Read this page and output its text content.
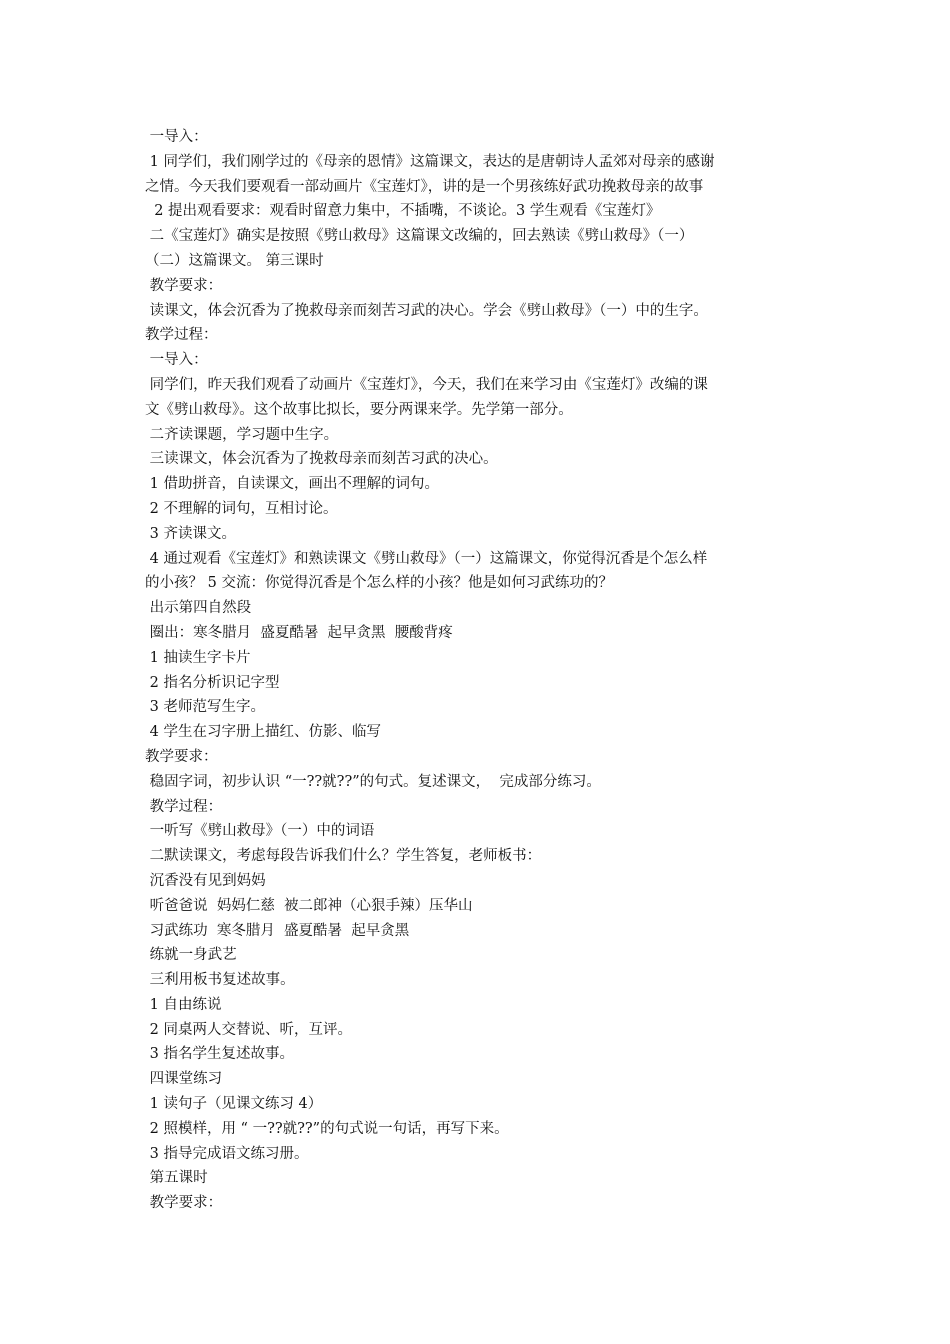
一导入：
1 同学们，我们刚学过的《母亲的恩情》这篇课文，表达的是唐朝诗人孟郊对母亲的感谢
之情。今天我们要观看一部动画片《宝莲灯》，讲的是一个男孩练好武功挽救母亲的故事
2 提出观看要求：观看时留意力集中，不插嘴，不谈论。3 学生观看《宝莲灯》
二《宝莲灯》确实是按照《劈山救母》这篇课文改编的，回去熟读《劈山救母》（一）
（二）这篇课文。 第三课时
教学要求：
读课文，体会沉香为了挽救母亲而刻苦习武的决心。学会《劈山救母》（一）中的生字。
教学过程：
一导入：
同学们，昨天我们观看了动画片《宝莲灯》，今天，我们在来学习由《宝莲灯》改编的课
文《劈山救母》。这个故事比拟长，要分两课来学。先学第一部分。
二齐读课题，学习题中生字。
三读课文，体会沉香为了挽救母亲而刻苦习武的决心。
1 借助拼音，自读课文，画出不理解的词句。
2 不理解的词句，互相讨论。
3 齐读课文。
4 通过观看《宝莲灯》和熟读课文《劈山救母》（一）这篇课文，你觉得沉香是个怎么样
的小孩？ 5 交流：你觉得沉香是个怎么样的小孩？他是如何习武练功的？
出示第四自然段
圈出：寒冬腊月  盛夏酷暑  起早贪黑  腰酸背疼
1 抽读生字卡片
2 指名分析识记字型
3 老师范写生字。
4 学生在习字册上描红、仿影、临写
教学要求：
稳固字词，初步认识 “一??就??”的句式。复述课文，  完成部分练习。
教学过程：
一听写《劈山救母》（一）中的词语
二默读课文，考虑每段告诉我们什么？学生答复，老师板书：
沉香没有见到妈妈
听爸爸说  妈妈仁慈  被二郎神（心狠手辣）压华山
习武练功  寒冬腊月  盛夏酷暑  起早贪黑
练就一身武艺
三利用板书复述故事。
1 自由练说
2 同桌两人交替说、听，互评。
3 指名学生复述故事。
四课堂练习
1 读句子（见课文练习 4）
2 照模样，用 “ 一??就??”的句式说一句话，再写下来。
3 指导完成语文练习册。
第五课时
教学要求：
